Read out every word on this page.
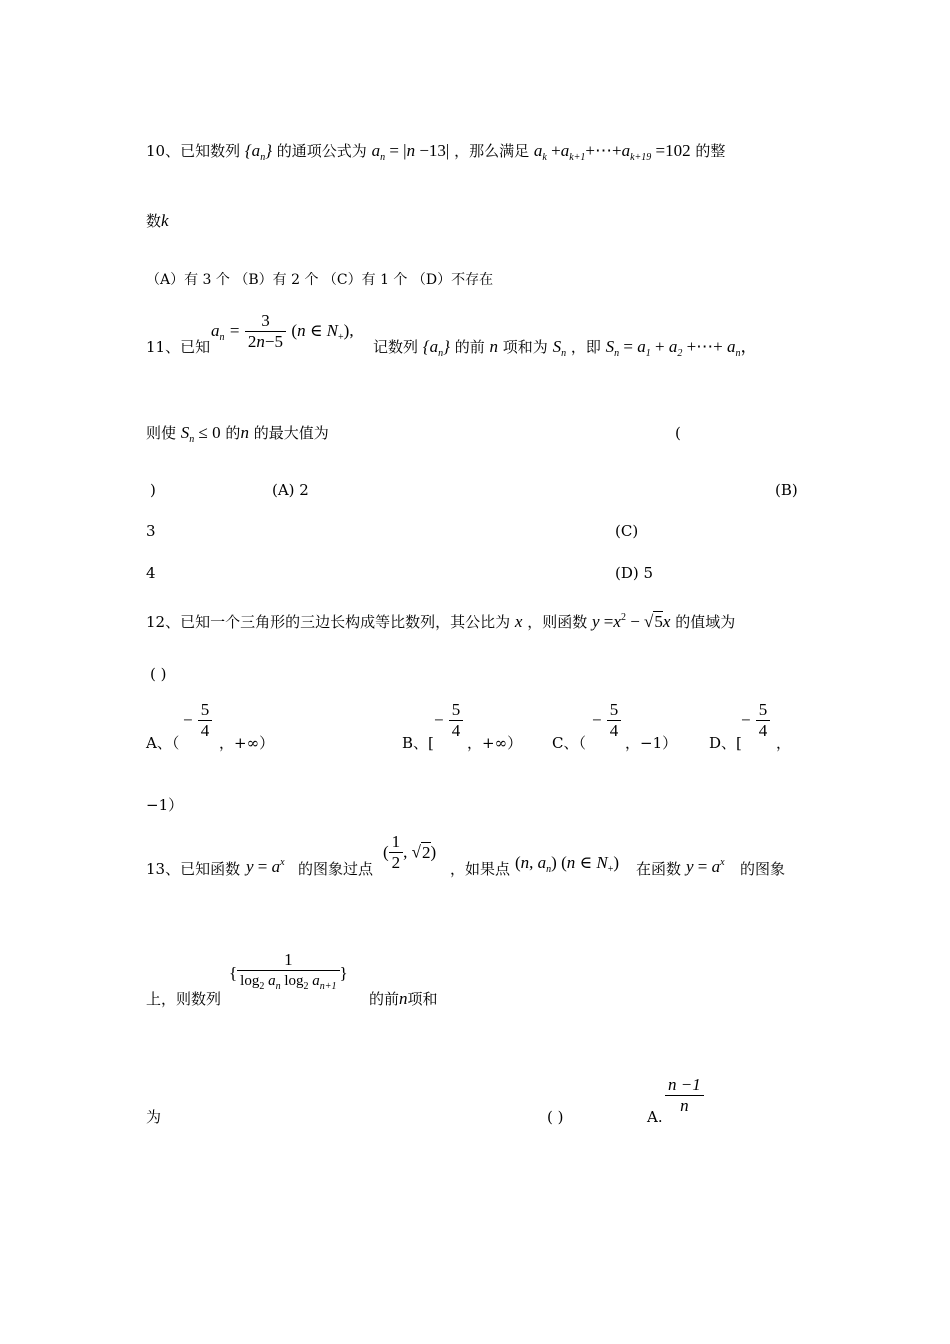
10、已知数列 $\{a_n\}$ 的通项公式为 $a_n = |n -13|$ ，那么满足 $a_k$ $+a_{k+1}+\cdots+a_{k+19} =102$ 的整
数k
（A）有 3 个 （B）有 2 个 （C）有 1 个 （D）不存在
11、已知
$a_n = \frac{3}{2n-5} (n$ ∈ $N_+$),
记数列 $\{a_n\}$ 的前 n 项和为 $S_n$ ，即 $S_n = a_1 + a_2$ +⋯+ $a_n$，
则使 $S_n \le 0$ 的n 的最大值为	(
)	(A) 2	(B)
3	(C)
4	(D) 5
12、已知一个三角形的三边长构成等比数列，其公比为 x ，则函数 $y =x^2 - √5x$ 的值域为
( )
A、（
− $\frac{5}{4}$
，+∞）	B、[
− $\frac{5}{4}$
，+∞） C、（
− $\frac{5}{4}$
，−1） D、[
− $\frac{5}{4}$
，
−1）
13、已知函数 $y = a^x$ 的图象过点
( $\frac{1}{2}$ , √2)
，如果点 (n, $a_n$) (n ∈ $N_+$) 在函数 $y = a^x$ 的图象
上，则数列
{ $\frac{1}{\log_2 a_n \log_2 a_{n+1}}$ }
的前n项和
为	( )	A.
$\frac{n -1}{n}$
